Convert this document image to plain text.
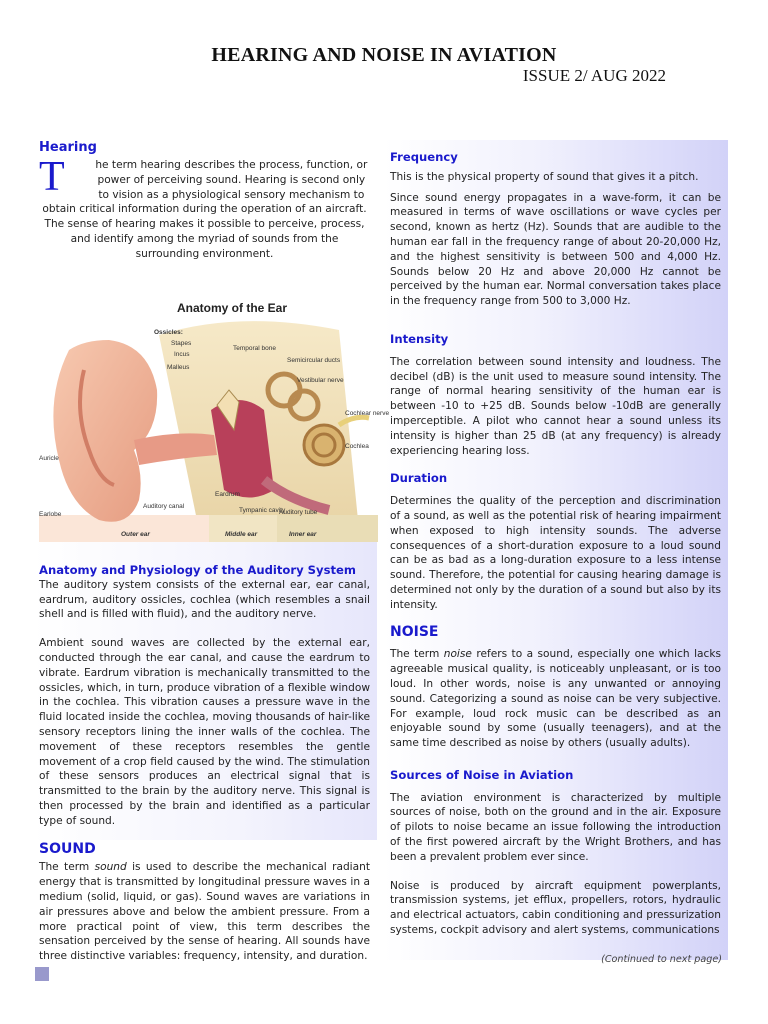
HEARING AND NOISE IN AVIATION
ISSUE 2/ AUG 2022
Hearing
T	he term hearing describes the process, function, or power of perceiving sound. Hearing is second only to vision as a physiological sensory mechanism to obtain critical information during the operation of an aircraft. The sense of hearing makes it possible to perceive, process, and identify among the myriad of sounds from the surrounding environment.

Anatomy of the Ear
Ossicles:
Stapes
Incus
Malleus
Temporal bone
Semicircular ducts
Vestibular nerve
Cochlear nerve
Cochlea
Auricle
Earlobe
Auditory canal
Eardrum
Tympanic cavity
Auditory tube
Outer ear	Middle ear	Inner ear
Anatomy and Physiology of the Auditory System

The auditory system consists of the external ear, ear canal, eardrum, auditory ossicles, cochlea (which resembles a snail shell and is filled with fluid), and the auditory nerve.

Ambient sound waves are collected by the external ear, conducted through the ear canal, and cause the eardrum to vibrate. Eardrum vibration is mechanically transmitted to the ossicles, which, in turn, produce vibration of a flexible window in the cochlea. This vibration causes a pressure wave in the fluid located inside the cochlea, moving thousands of hair-like sensory receptors lining the inner walls of the cochlea. The movement of these receptors resembles the gentle movement of a crop field caused by the wind. The stimulation of these sensors produces an electrical signal that is transmitted to the brain by the auditory nerve. This signal is then processed by the brain and identified as a particular type of sound.

SOUND

The term sound is used to describe the mechanical radiant energy that is transmitted by longitudinal pressure waves in a medium (solid, liquid, or gas). Sound waves are variations in air pressures above and below the ambient pressure. From a more practical point of view, this term describes the sensation perceived by the sense of hearing. All sounds have three distinctive variables: frequency, intensity, and duration.

Frequency

This is the physical property of sound that gives it a pitch.

Since sound energy propagates in a wave-form, it can be measured in terms of wave oscillations or wave cycles per second, known as hertz (Hz). Sounds that are audible to the human ear fall in the frequency range of about 20-20,000 Hz, and the highest sensitivity is between 500 and 4,000 Hz. Sounds below 20 Hz and above 20,000 Hz cannot be perceived by the human ear. Normal conversation takes place in the frequency range from 500 to 3,000 Hz.

Intensity

The correlation between sound intensity and loudness. The decibel (dB) is the unit used to measure sound intensity. The range of normal hearing sensitivity of the human ear is between -10 to +25 dB. Sounds below -10dB are generally imperceptible. A pilot who cannot hear a sound unless its intensity is higher than 25 dB (at any frequency) is already experiencing hearing loss.

Duration

Determines the quality of the perception and discrimination of a sound, as well as the potential risk of hearing impairment when exposed to high intensity sounds. The adverse consequences of a short-duration exposure to a loud sound can be as bad as a long-duration exposure to a less intense sound. Therefore, the potential for causing hearing damage is determined not only by the duration of a sound but also by its intensity.

NOISE

The term noise refers to a sound, especially one which lacks agreeable musical quality, is noticeably unpleasant, or is too loud. In other words, noise is any unwanted or annoying sound. Categorizing a sound as noise can be very subjective. For example, loud rock music can be described as an enjoyable sound by some (usually teenagers), and at the same time described as noise by others (usually adults).

Sources of Noise in Aviation

The aviation environment is characterized by multiple sources of noise, both on the ground and in the air. Exposure of pilots to noise became an issue following the introduction of the first powered aircraft by the Wright Brothers, and has been a prevalent problem ever since.

Noise is produced by aircraft equipment powerplants, transmission systems, jet efflux, propellers, rotors, hydraulic and electrical actuators, cabin conditioning and pressurization systems, cockpit advisory and alert systems, communications

(Continued to next page)
